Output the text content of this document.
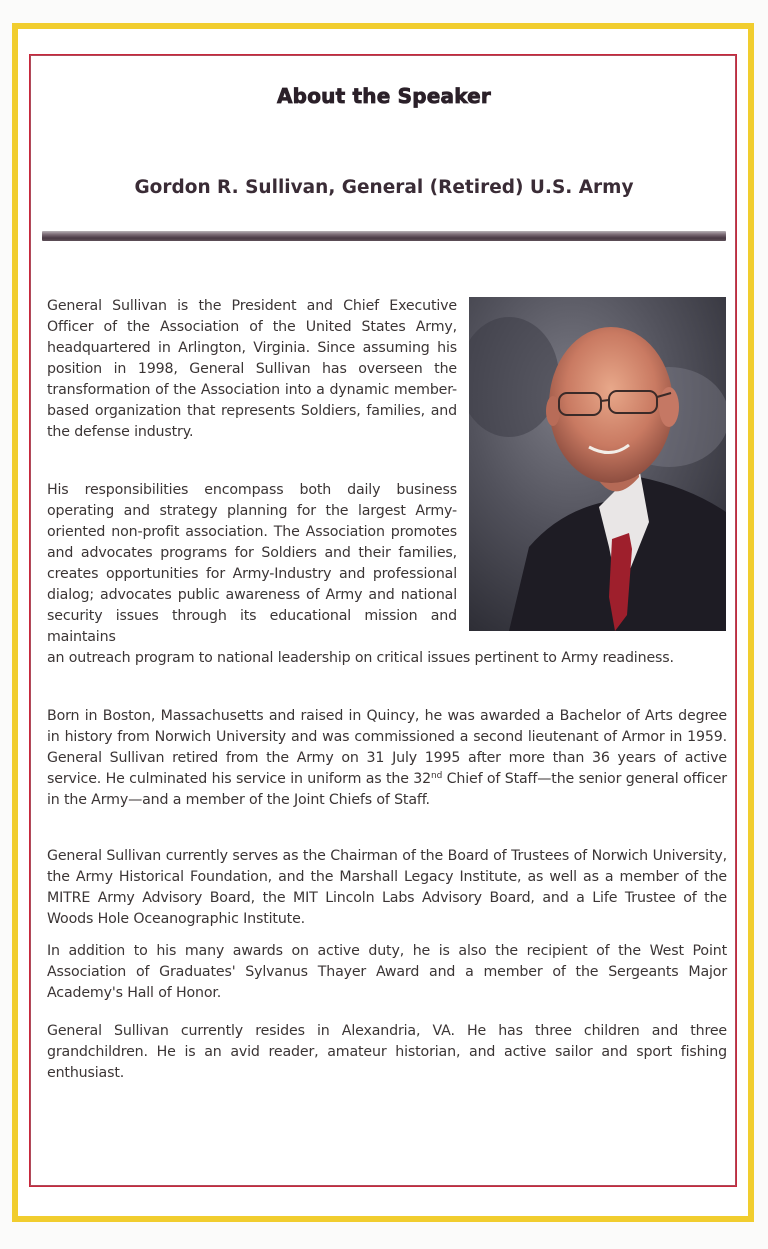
About the Speaker
Gordon R. Sullivan, General (Retired) U.S. Army

General Sullivan is the President and Chief Executive Officer of the Association of the United States Army, headquartered in Arlington, Virginia. Since assuming his position in 1998, General Sullivan has overseen the transformation of the Association into a dynamic member-based organization that represents Soldiers, families, and the defense industry.

His responsibilities encompass both daily business operating and strategy planning for the largest Army-oriented non-profit association. The Association promotes and advocates programs for Soldiers and their families, creates opportunities for Army-Industry and professional dialog; advocates public awareness of Army and national security issues through its educational mission and maintains

an outreach program to national leadership on critical issues pertinent to Army readiness.

Born in Boston, Massachusetts and raised in Quincy, he was awarded a Bachelor of Arts degree in history from Norwich University and was commissioned a second lieutenant of Armor in 1959. General Sullivan retired from the Army on 31 July 1995 after more than 36 years of active service. He culminated his service in uniform as the 32nd Chief of Staff—the senior general officer in the Army—and a member of the Joint Chiefs of Staff.

General Sullivan currently serves as the Chairman of the Board of Trustees of Norwich University, the Army Historical Foundation, and the Marshall Legacy Institute, as well as a member of the MITRE Army Advisory Board, the MIT Lincoln Labs Advisory Board, and a Life Trustee of the Woods Hole Oceanographic Institute.

In addition to his many awards on active duty, he is also the recipient of the West Point Association of Graduates' Sylvanus Thayer Award and a member of the Sergeants Major Academy's Hall of Honor.

General Sullivan currently resides in Alexandria, VA. He has three children and three grandchildren. He is an avid reader, amateur historian, and active sailor and sport fishing enthusiast.
